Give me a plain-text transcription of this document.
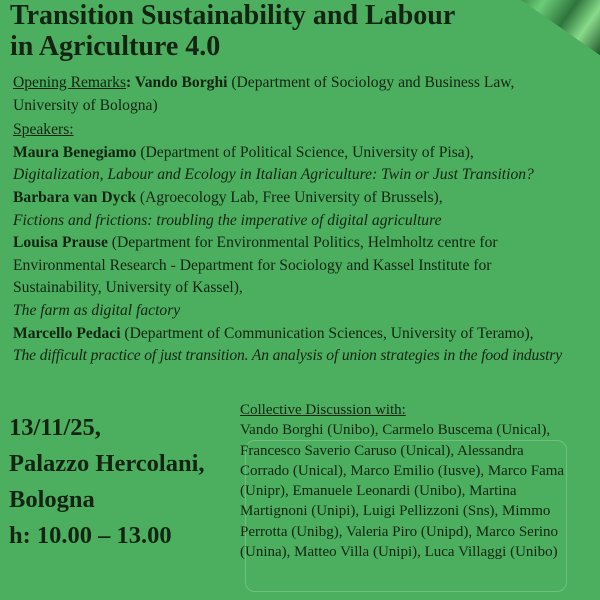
Transition Sustainability and Labour
in Agriculture 4.0
Opening Remarks: Vando Borghi (Department of Sociology and Business Law,
University of Bologna)
Speakers:
Maura Benegiamo (Department of Political Science, University of Pisa),
Digitalization, Labour and Ecology in Italian Agriculture: Twin or Just Transition?
Barbara van Dyck (Agroecology Lab, Free University of Brussels),
Fictions and frictions: troubling the imperative of digital agriculture
Louisa Prause (Department for Environmental Politics, Helmholtz centre for
Environmental Research - Department for Sociology and Kassel Institute for
Sustainability, University of Kassel),
The farm as digital factory
Marcello Pedaci (Department of Communication Sciences, University of Teramo),
The difficult practice of just transition. An analysis of union strategies in the food industry
13/11/25,
Palazzo Hercolani,
Bologna
h: 10.00 – 13.00
Collective Discussion with:
Vando Borghi (Unibo), Carmelo Buscema (Unical),
Francesco Saverio Caruso (Unical), Alessandra
Corrado (Unical), Marco Emilio (Iusve), Marco Fama
(Unipr), Emanuele Leonardi (Unibo), Martina
Martignoni (Unipi), Luigi Pellizzoni (Sns), Mimmo
Perrotta (Unibg), Valeria Piro (Unipd), Marco Serino
(Unina), Matteo Villa (Unipi), Luca Villaggi (Unibo)
